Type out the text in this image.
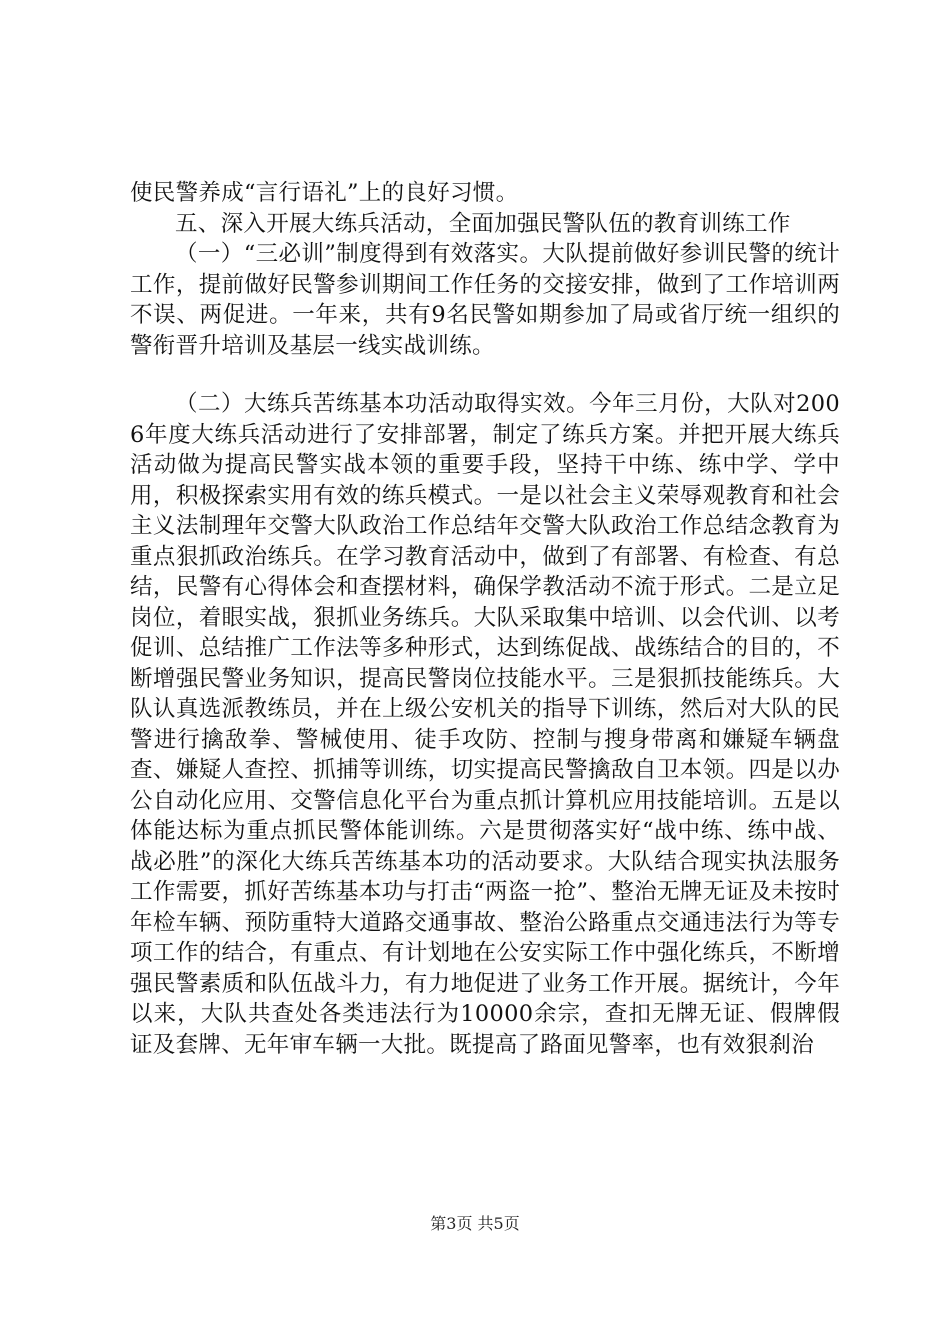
使民警养成“言行语礼”上的良好习惯。

五、深入开展大练兵活动，全面加强民警队伍的教育训练工作

（一）“三必训”制度得到有效落实。大队提前做好参训民警的统计工作，提前做好民警参训期间工作任务的交接安排，做到了工作培训两不误、两促进。一年来，共有9名民警如期参加了局或省厅统一组织的警衔晋升培训及基层一线实战训练。

（二）大练兵苦练基本功活动取得实效。今年三月份，大队对2006年度大练兵活动进行了安排部署，制定了练兵方案。并把开展大练兵活动做为提高民警实战本领的重要手段，坚持干中练、练中学、学中用，积极探索实用有效的练兵模式。一是以社会主义荣辱观教育和社会主义法制理年交警大队政治工作总结年交警大队政治工作总结念教育为重点狠抓政治练兵。在学习教育活动中，做到了有部署、有检查、有总结，民警有心得体会和查摆材料，确保学教活动不流于形式。二是立足岗位，着眼实战，狠抓业务练兵。大队采取集中培训、以会代训、以考促训、总结推广工作法等多种形式，达到练促战、战练结合的目的，不断增强民警业务知识，提高民警岗位技能水平。三是狠抓技能练兵。大队认真选派教练员，并在上级公安机关的指导下训练，然后对大队的民警进行擒敌拳、警械使用、徒手攻防、控制与搜身带离和嫌疑车辆盘查、嫌疑人查控、抓捕等训练，切实提高民警擒敌自卫本领。四是以办公自动化应用、交警信息化平台为重点抓计算机应用技能培训。五是以体能达标为重点抓民警体能训练。六是贯彻落实好“战中练、练中战、战必胜”的深化大练兵苦练基本功的活动要求。大队结合现实执法服务工作需要，抓好苦练基本功与打击“两盗一抢”、整治无牌无证及未按时年检车辆、预防重特大道路交通事故、整治公路重点交通违法行为等专项工作的结合，有重点、有计划地在公安实际工作中强化练兵，不断增强民警素质和队伍战斗力，有力地促进了业务工作开展。据统计，今年以来，大队共查处各类违法行为10000余宗，查扣无牌无证、假牌假证及套牌、无年审车辆一大批。既提高了路面见警率，也有效狠刹治

第3页 共5页
